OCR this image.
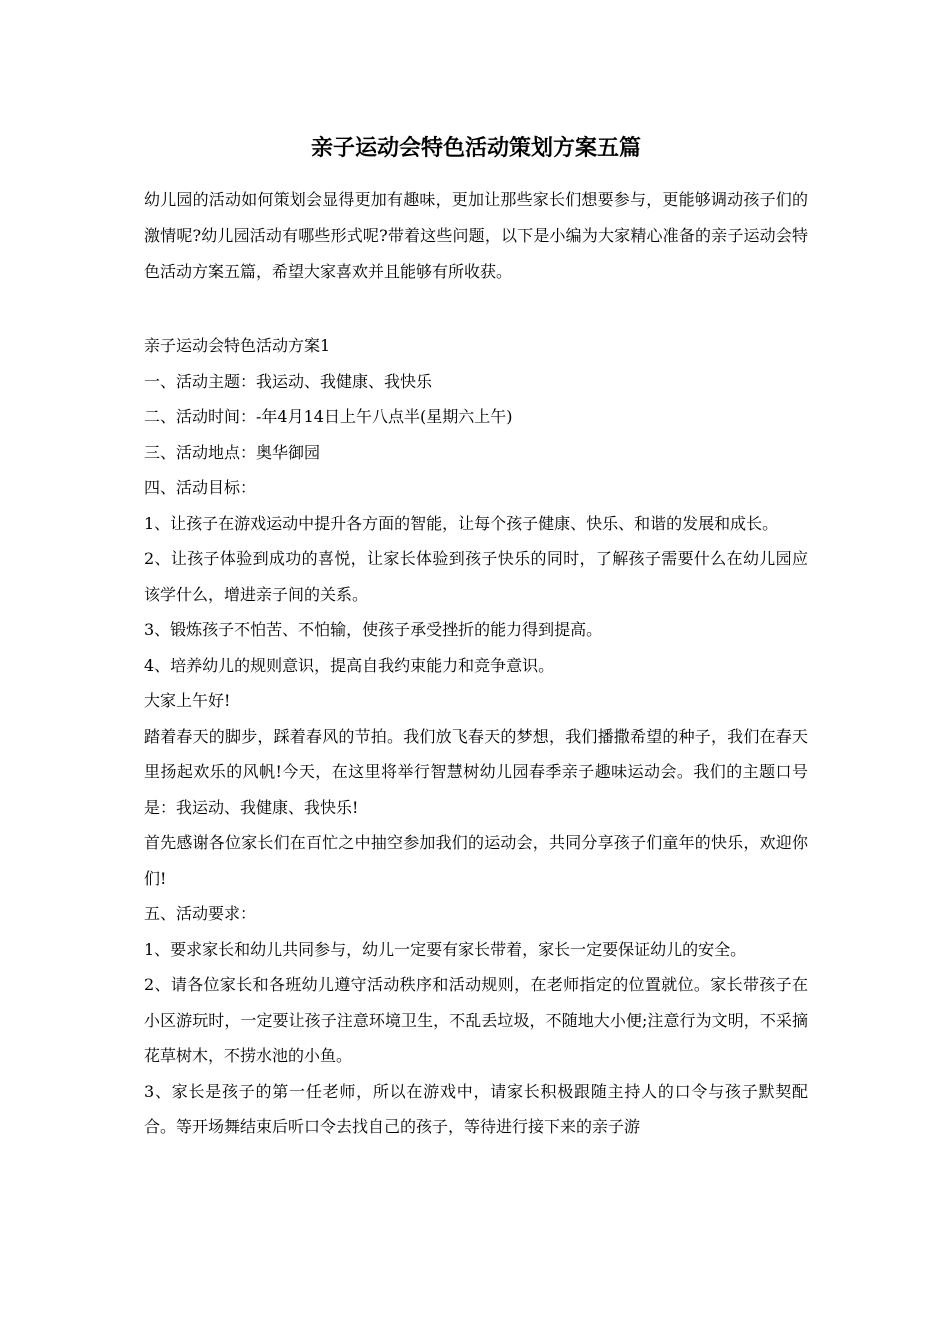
亲子运动会特色活动策划方案五篇

幼儿园的活动如何策划会显得更加有趣味，更加让那些家长们想要参与，更能够调动孩子们的激情呢?幼儿园活动有哪些形式呢?带着这些问题，以下是小编为大家精心准备的亲子运动会特色活动方案五篇，希望大家喜欢并且能够有所收获。

亲子运动会特色活动方案1

一、活动主题：我运动、我健康、我快乐

二、活动时间：-年4月14日上午八点半(星期六上午)

三、活动地点：奥华御园

四、活动目标：

1、让孩子在游戏运动中提升各方面的智能，让每个孩子健康、快乐、和谐的发展和成长。

2、让孩子体验到成功的喜悦，让家长体验到孩子快乐的同时，了解孩子需要什么在幼儿园应该学什么，增进亲子间的关系。

3、锻炼孩子不怕苦、不怕输，使孩子承受挫折的能力得到提高。

4、培养幼儿的规则意识，提高自我约束能力和竞争意识。

大家上午好!

踏着春天的脚步，踩着春风的节拍。我们放飞春天的梦想，我们播撒希望的种子，我们在春天里扬起欢乐的风帆!今天，在这里将举行智慧树幼儿园春季亲子趣味运动会。我们的主题口号是：我运动、我健康、我快乐!

首先感谢各位家长们在百忙之中抽空参加我们的运动会，共同分享孩子们童年的快乐，欢迎你们!

五、活动要求：

1、要求家长和幼儿共同参与，幼儿一定要有家长带着，家长一定要保证幼儿的安全。

2、请各位家长和各班幼儿遵守活动秩序和活动规则，在老师指定的位置就位。家长带孩子在小区游玩时，一定要让孩子注意环境卫生，不乱丢垃圾，不随地大小便;注意行为文明，不采摘花草树木，不捞水池的小鱼。

3、家长是孩子的第一任老师，所以在游戏中，请家长积极跟随主持人的口令与孩子默契配合。等开场舞结束后听口令去找自己的孩子，等待进行接下来的亲子游
